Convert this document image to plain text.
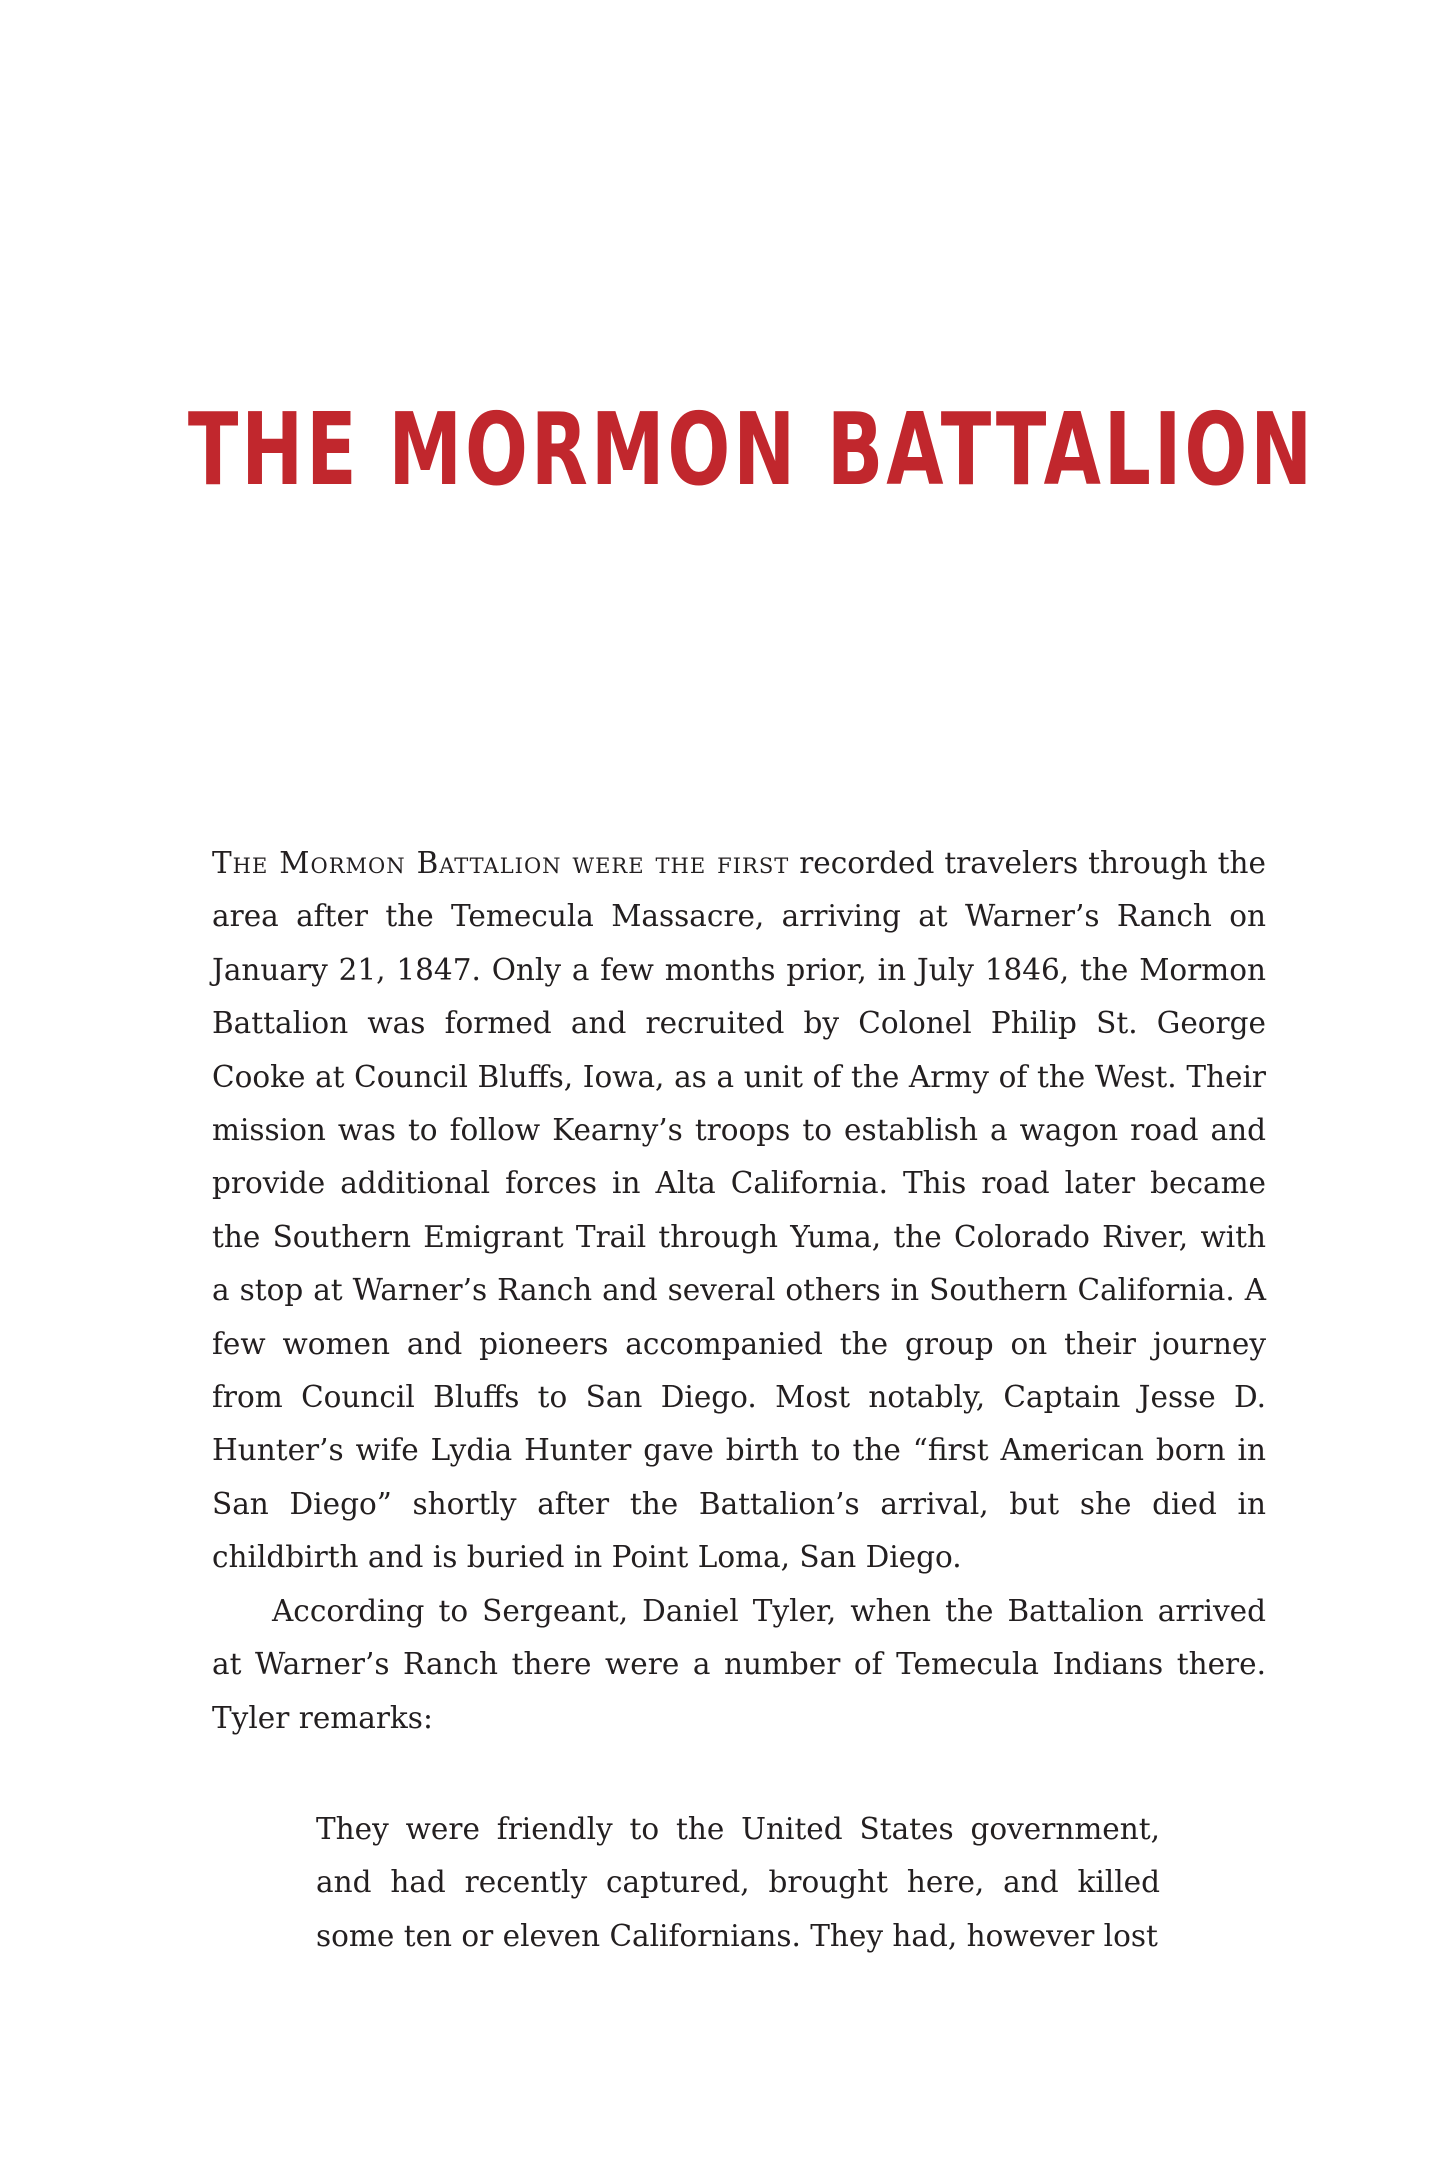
THE MORMON BATTALION

The Mormon Battalion were the first recorded travelers through the area after the Temecula Massacre, arriving at Warner’s Ranch on January 21, 1847. Only a few months prior, in July 1846, the Mormon Battalion was formed and recruited by Colonel Philip St. George Cooke at Council Bluffs, Iowa, as a unit of the Army of the West. Their mission was to follow Kearny’s troops to establish a wagon road and provide additional forces in Alta California. This road later became the Southern Emigrant Trail through Yuma, the Colorado River, with a stop at Warner’s Ranch and several others in Southern California. A few women and pioneers accompanied the group on their journey from Council Bluffs to San Diego. Most notably, Captain Jesse D. Hunter’s wife Lydia Hunter gave birth to the “first American born in San Diego” shortly after the Battalion’s arrival, but she died in childbirth and is buried in Point Loma, San Diego.

According to Sergeant, Daniel Tyler, when the Battalion arrived at Warner’s Ranch there were a number of Temecula Indians there. Tyler remarks:

They were friendly to the United States government, and had recently captured, brought here, and killed some ten or eleven Californians. They had, however lost
